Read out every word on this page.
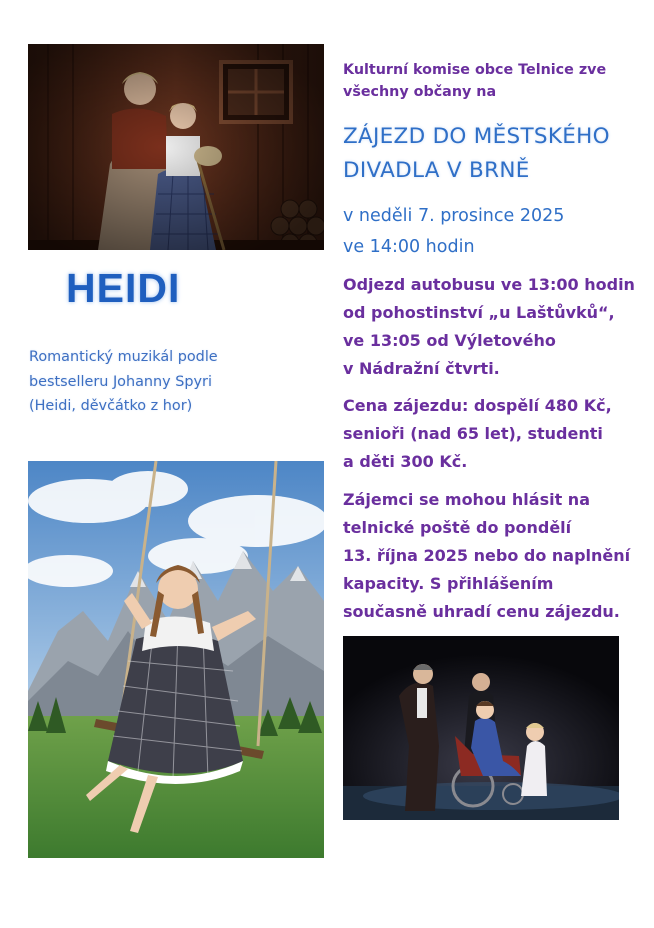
HEIDI
Romantický muzikál podle
bestselleru Johanny Spyri
(Heidi, děvčátko z hor)
Kulturní komise obce Telnice zve
všechny občany na
ZÁJEZD DO MĚSTSKÉHO
DIVADLA V BRNĚ
v neděli 7. prosince 2025
ve 14:00 hodin
Odjezd autobusu ve 13:00 hodin
od pohostinství „u Laštůvků“,
ve 13:05 od Výletového
v Nádražní čtvrti.
Cena zájezdu: dospělí 480 Kč,
senioři (nad 65 let), studenti
a děti 300 Kč.
Zájemci se mohou hlásit na
telnické poště do pondělí
13. října 2025 nebo do naplnění
kapacity. S přihlášením
současně uhradí cenu zájezdu.
